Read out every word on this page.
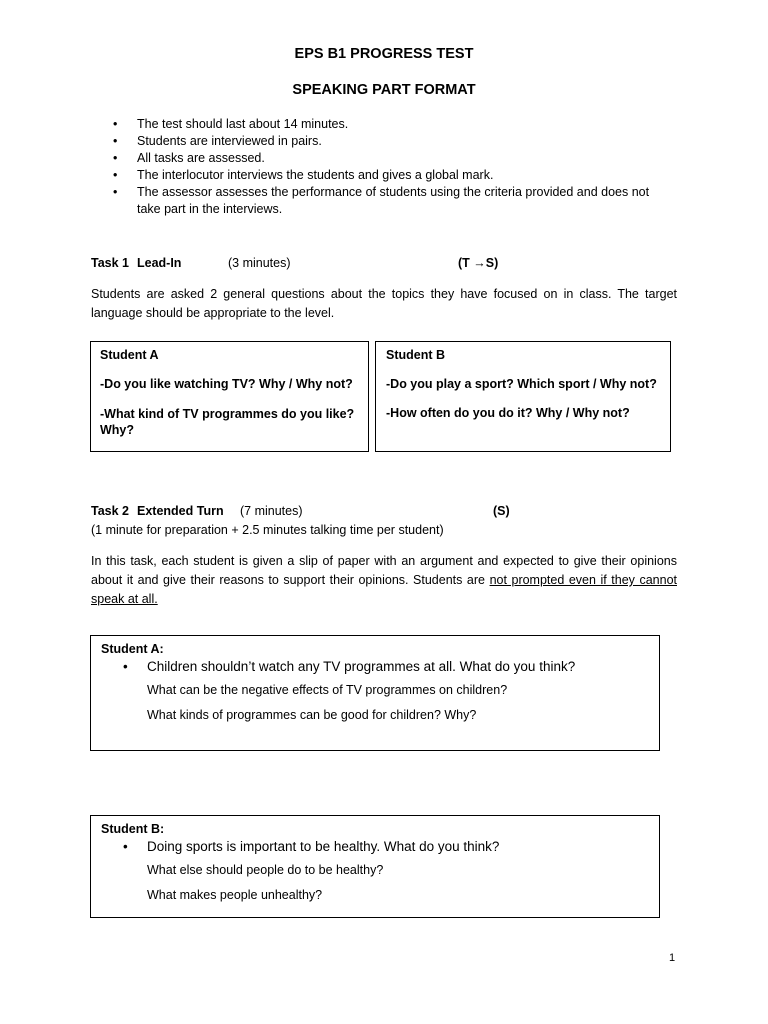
EPS B1 PROGRESS TEST
SPEAKING PART FORMAT
• The test should last about 14 minutes.
• Students are interviewed in pairs.
• All tasks are assessed.
• The interlocutor interviews the students and gives a global mark.
• The assessor assesses the performance of students using the criteria provided and does not take part in the interviews.
Task 1 Lead-In	(3 minutes)	(T →S)
Students are asked 2 general questions about the topics they have focused on in class. The target language should be appropriate to the level.

Student A

-Do you like watching TV? Why / Why not?

-What kind of TV programmes do you like? Why?

Student B

-Do you play a sport? Which sport / Why not?

-How often do you do it? Why / Why not?

Task 2 Extended Turn (7 minutes)	(S)
(1 minute for preparation + 2.5 minutes talking time per student)
In this task, each student is given a slip of paper with an argument and expected to give their opinions about it and give their reasons to support their opinions. Students are not prompted even if they cannot speak at all.

Student A:

• Children shouldn’t watch any TV programmes at all. What do you think?

What can be the negative effects of TV programmes on children?

What kinds of programmes can be good for children? Why?

Student B:

• Doing sports is important to be healthy. What do you think?

What else should people do to be healthy?

What makes people unhealthy?

1
